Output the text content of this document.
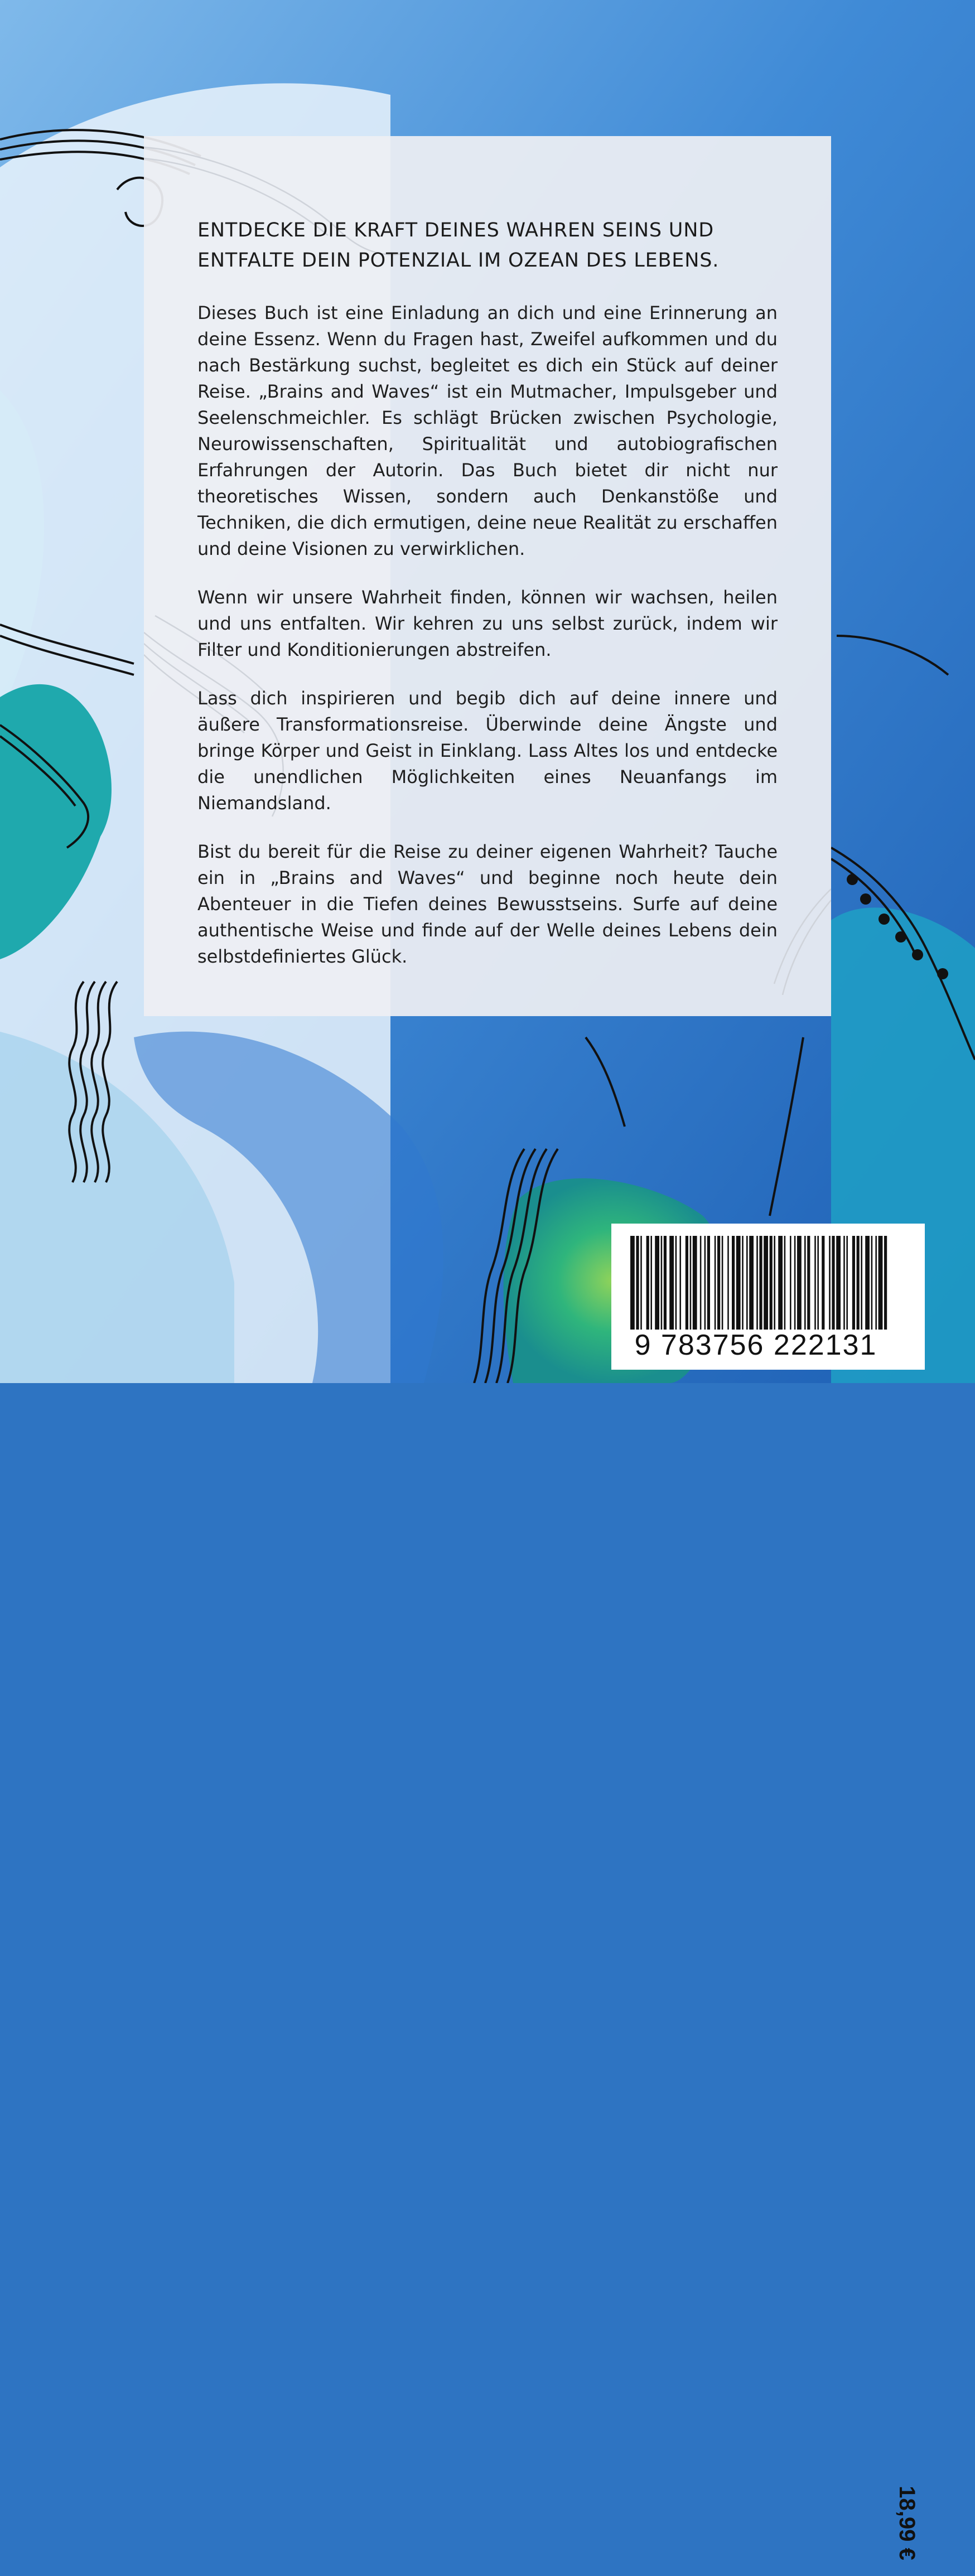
ENTDECKE DIE KRAFT DEINES WAHREN SEINS UND
ENTFALTE DEIN POTENZIAL IM OZEAN DES LEBENS.

Dieses Buch ist eine Einladung an dich und eine Erinnerung an deine Essenz. Wenn du Fragen hast, Zweifel aufkommen und du nach Bestärkung suchst, begleitet es dich ein Stück auf deiner Reise. „Brains and Waves“ ist ein Mutmacher, Impulsgeber und Seelenschmeichler. Es schlägt Brücken zwischen Psychologie, Neurowissenschaften, Spiritualität und autobiografischen Erfahrungen der Autorin. Das Buch bietet dir nicht nur theoretisches Wissen, sondern auch Denkanstöße und Techniken, die dich ermutigen, deine neue Realität zu erschaffen und deine Visionen zu verwirklichen.

Wenn wir unsere Wahrheit finden, können wir wachsen, heilen und uns entfalten. Wir kehren zu uns selbst zurück, indem wir Filter und Konditionierungen abstreifen.

Lass dich inspirieren und begib dich auf deine innere und äußere Transformationsreise. Überwinde deine Ängste und bringe Körper und Geist in Einklang. Lass Altes los und entdecke die unendlichen Möglichkeiten eines Neuanfangs im Niemandsland.

Bist du bereit für die Reise zu deiner eigenen Wahrheit? Tauche ein in „Brains and Waves“ und beginne noch heute dein Abenteuer in die Tiefen deines Bewusstseins. Surfe auf deine authentische Weise und finde auf der Welle deines Lebens dein selbstdefiniertes Glück.

9 783756 222131
18,99 €
